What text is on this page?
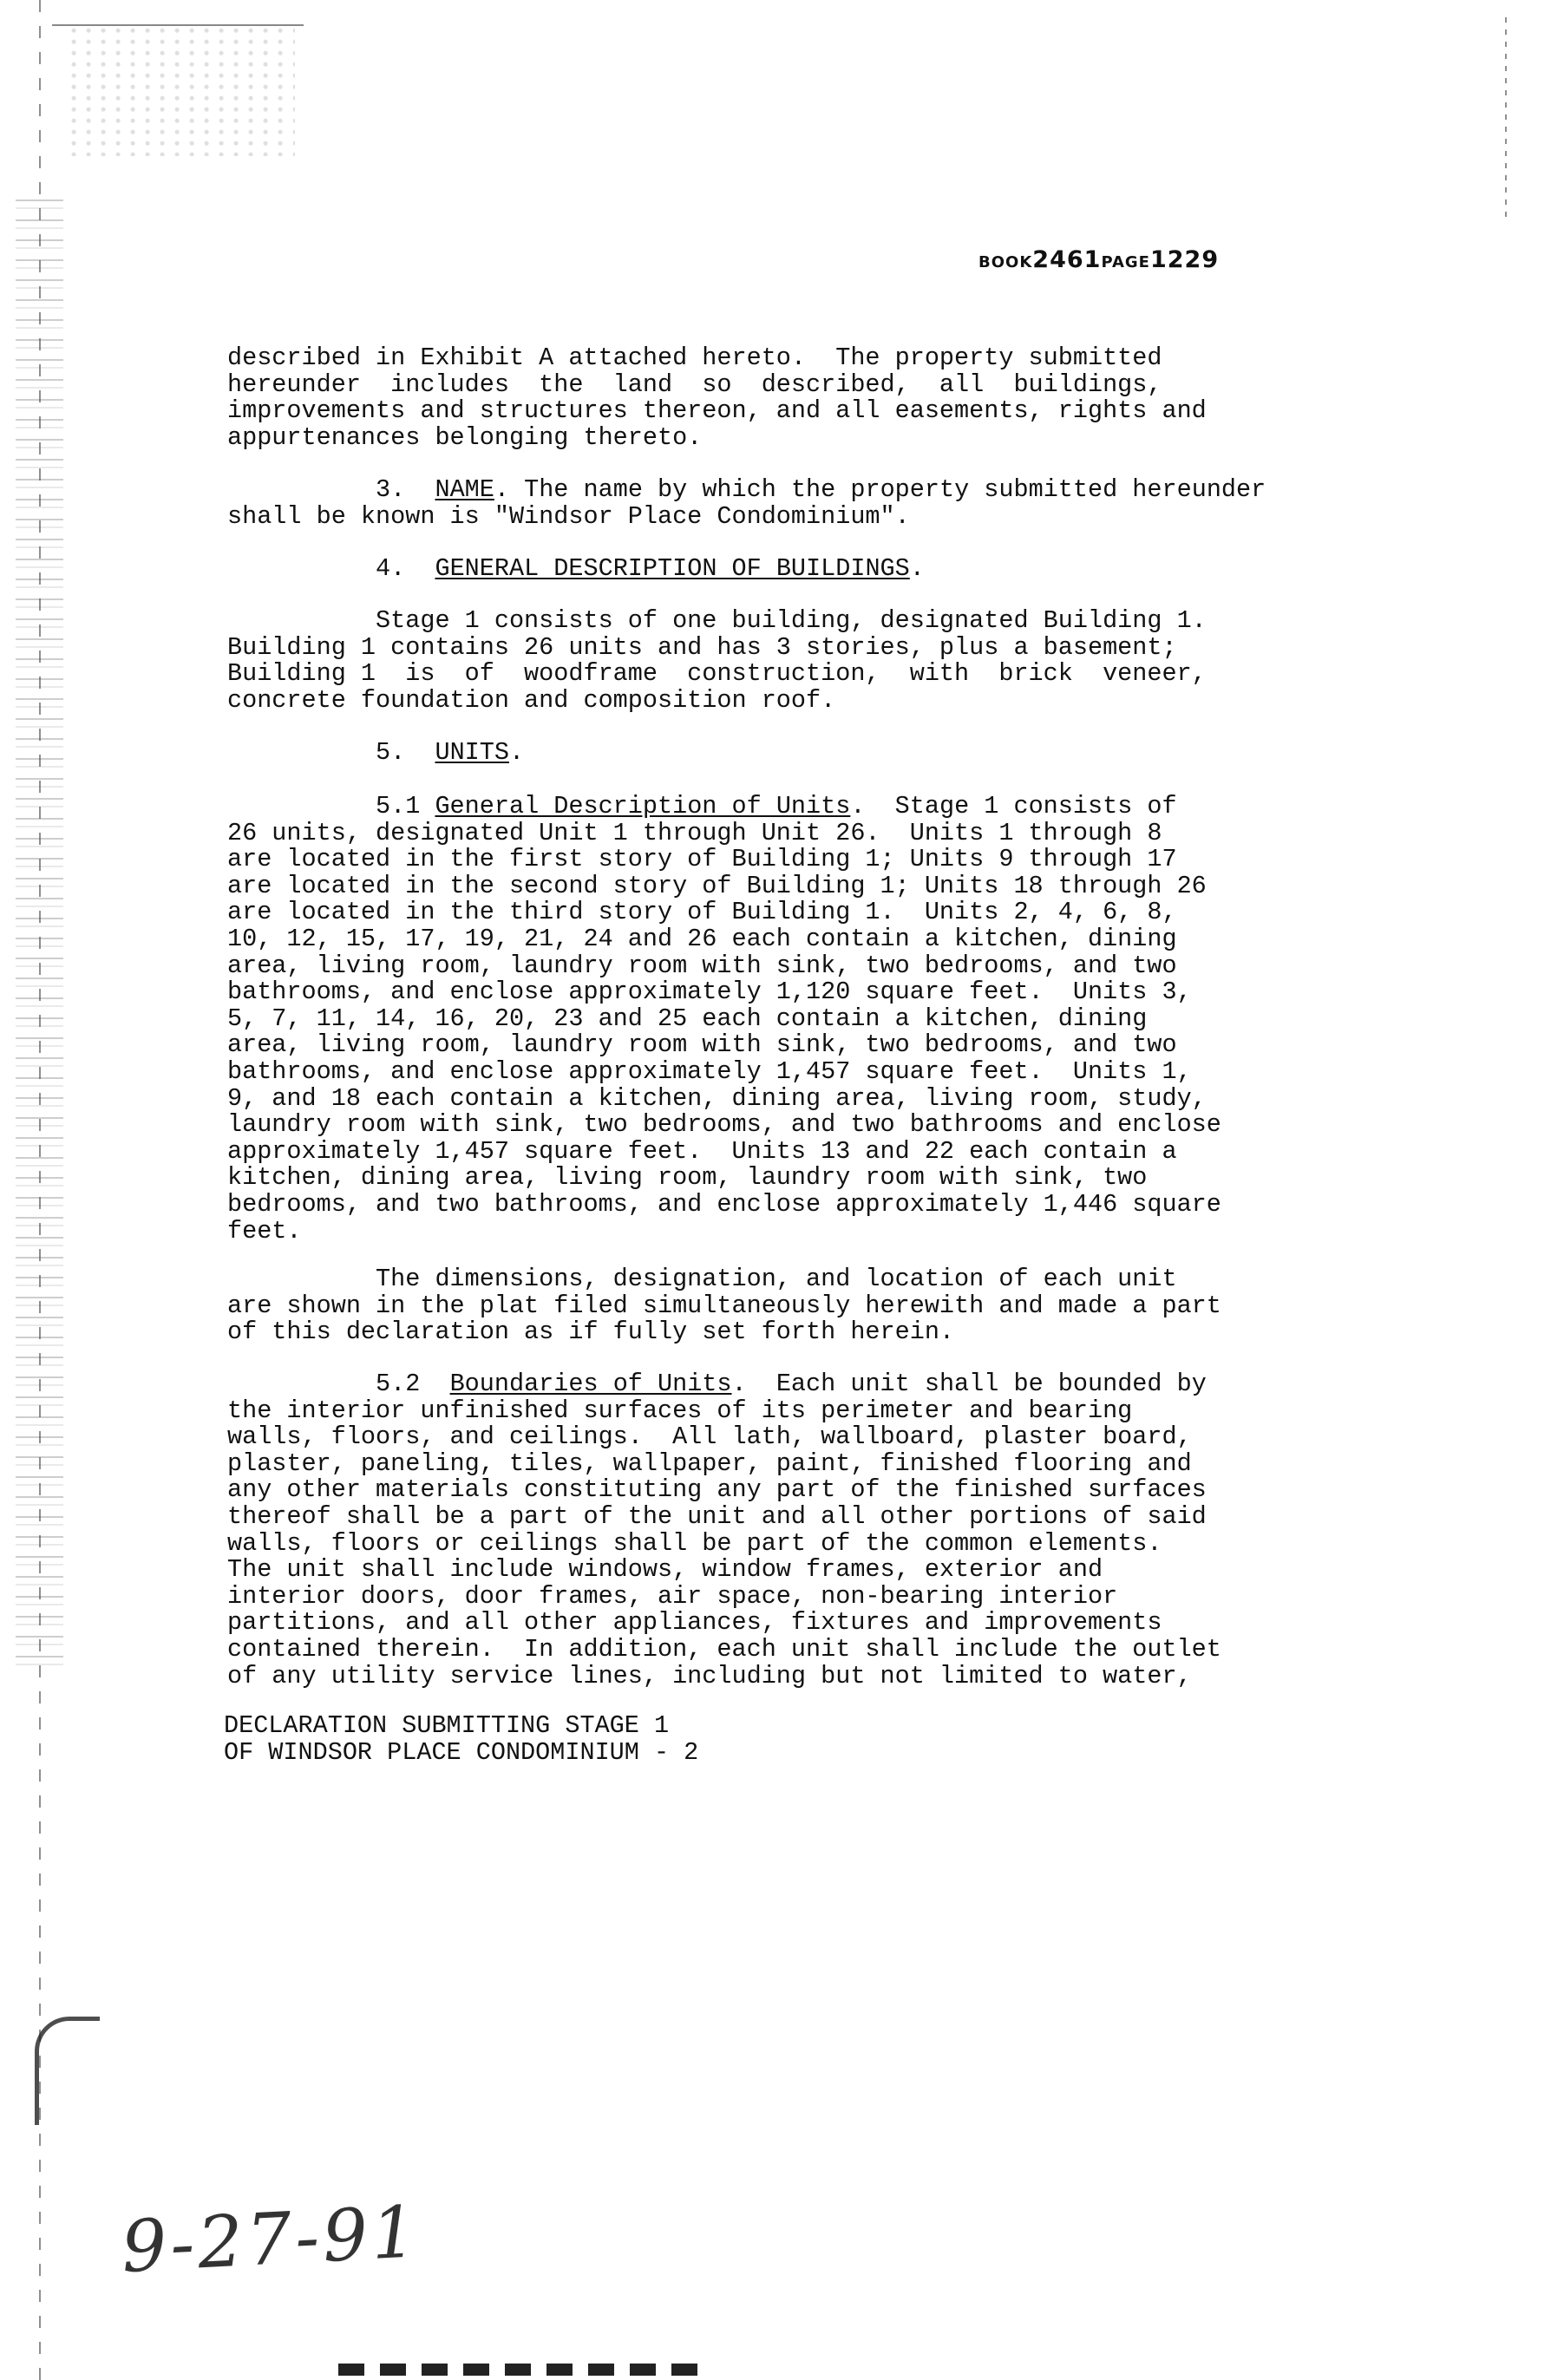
BOOK2461PAGE1229
described in Exhibit A attached hereto.  The property submitted
hereunder  includes  the  land  so  described,  all  buildings,
improvements and structures thereon, and all easements, rights and
appurtenances belonging thereto.
3. NAME. The name by which the property submitted hereunder
shall be known is "Windsor Place Condominium".
4. GENERAL DESCRIPTION OF BUILDINGS.
Stage 1 consists of one building, designated Building 1.
Building 1 contains 26 units and has 3 stories, plus a basement;
Building 1  is  of  woodframe  construction,  with  brick  veneer,
concrete foundation and composition roof.
5. UNITS.
5.1 General Description of Units.  Stage 1 consists of
26 units, designated Unit 1 through Unit 26.  Units 1 through 8
are located in the first story of Building 1; Units 9 through 17
are located in the second story of Building 1; Units 18 through 26
are located in the third story of Building 1.  Units 2, 4, 6, 8,
10, 12, 15, 17, 19, 21, 24 and 26 each contain a kitchen, dining
area, living room, laundry room with sink, two bedrooms, and two
bathrooms, and enclose approximately 1,120 square feet.  Units 3,
5, 7, 11, 14, 16, 20, 23 and 25 each contain a kitchen, dining
area, living room, laundry room with sink, two bedrooms, and two
bathrooms, and enclose approximately 1,457 square feet.  Units 1,
9, and 18 each contain a kitchen, dining area, living room, study,
laundry room with sink, two bedrooms, and two bathrooms and enclose
approximately 1,457 square feet.  Units 13 and 22 each contain a
kitchen, dining area, living room, laundry room with sink, two
bedrooms, and two bathrooms, and enclose approximately 1,446 square
feet.
The dimensions, designation, and location of each unit
are shown in the plat filed simultaneously herewith and made a part
of this declaration as if fully set forth herein.
5.2 Boundaries of Units.  Each unit shall be bounded by
the interior unfinished surfaces of its perimeter and bearing
walls, floors, and ceilings.  All lath, wallboard, plaster board,
plaster, paneling, tiles, wallpaper, paint, finished flooring and
any other materials constituting any part of the finished surfaces
thereof shall be a part of the unit and all other portions of said
walls, floors or ceilings shall be part of the common elements.
The unit shall include windows, window frames, exterior and
interior doors, door frames, air space, non-bearing interior
partitions, and all other appliances, fixtures and improvements
contained therein.  In addition, each unit shall include the outlet
of any utility service lines, including but not limited to water,
DECLARATION SUBMITTING STAGE 1
OF WINDSOR PLACE CONDOMINIUM - 2
9-27-91
